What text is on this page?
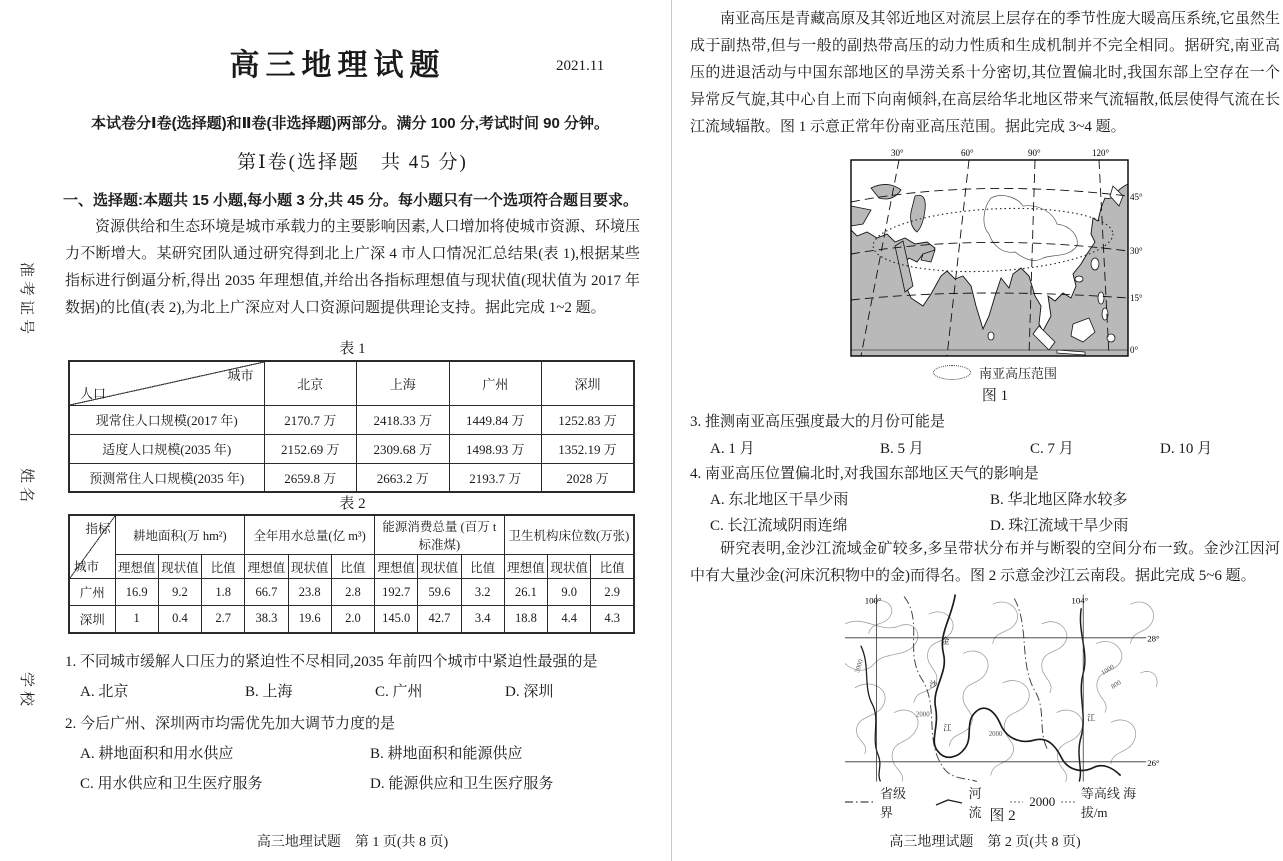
准考证号
姓名
学校
高三地理试题	2021.11
本试卷分Ⅰ卷(选择题)和Ⅱ卷(非选择题)两部分。满分 100 分,考试时间 90 分钟。
第Ⅰ卷(选择题　共 45 分)
一、选择题:本题共 15 小题,每小题 3 分,共 45 分。每小题只有一个选项符合题目要求。
资源供给和生态环境是城市承载力的主要影响因素,人口增加将使城市资源、环境压力不断增大。某研究团队通过研究得到北上广深 4 市人口情况汇总结果(表 1),根据某些指标进行倒逼分析,得出 2035 年理想值,并给出各指标理想值与现状值(现状值为 2017 年数据)的比值(表 2),为北上广深应对人口资源问题提供理论支持。据此完成 1~2 题。
表 1
城市
人口	北京	上海	广州	深圳
现常住人口规模(2017 年)	2170.7 万	2418.33 万	1449.84 万	1252.83 万
适度人口规模(2035 年)	2152.69 万	2309.68 万	1498.93 万	1352.19 万
预测常住人口规模(2035 年)	2659.8 万	2663.2 万	2193.7 万	2028 万
表 2
指标
城市	耕地面积(万 hm²)			全年用水总量(亿 m³)			能源消费总量 (百万 t 标准煤)			卫生机构床位数(万张)		
	理想值	现状值	比值	理想值	现状值	比值	理想值	现状值	比值	理想值	现状值	比值
广州	16.9	9.2	1.8	66.7	23.8	2.8	192.7	59.6	3.2	26.1	9.0	2.9
深圳	1	0.4	2.7	38.3	19.6	2.0	145.0	42.7	3.4	18.8	4.4	4.3
1. 不同城市缓解人口压力的紧迫性不尽相同,2035 年前四个城市中紧迫性最强的是
A. 北京	B. 上海	C. 广州	D. 深圳
2. 今后广州、深圳两市均需优先加大调节力度的是
A. 耕地面积和用水供应	B. 耕地面积和能源供应
C. 用水供应和卫生医疗服务	D. 能源供应和卫生医疗服务
高三地理试题　第 1 页(共 8 页)
南亚高压是青藏高原及其邻近地区对流层上层存在的季节性庞大暖高压系统,它虽然生成于副热带,但与一般的副热带高压的动力性质和生成机制并不完全相同。据研究,南亚高压的进退活动与中国东部地区的旱涝关系十分密切,其位置偏北时,我国东部上空存在一个异常反气旋,其中心自上而下向南倾斜,在高层给华北地区带来气流辐散,低层使得气流在长江流域辐散。图 1 示意正常年份南亚高压范围。据此完成 3~4 题。
30°	60°	90°	120°
45°
30°
15°
0°
南亚高压范围
图 1
3. 推测南亚高压强度最大的月份可能是
A. 1 月	B. 5 月	C. 7 月	D. 10 月
4. 南亚高压位置偏北时,对我国东部地区天气的影响是
A. 东北地区干旱少雨	B. 华北地区降水较多
C. 长江流域阴雨连绵	D. 珠江流域干旱少雨
研究表明,金沙江流域金矿较多,多呈带状分布并与断裂的空间分布一致。金沙江因河中有大量沙金(河床沉积物中的金)而得名。图 2 示意金沙江云南段。据此完成 5~6 题。
100°	104°
28°
26°
3000
2000
2000
1000
800
金
沙
江
江
省级界
河流
2000
等高线 海拔/m
图 2
高三地理试题　第 2 页(共 8 页)
